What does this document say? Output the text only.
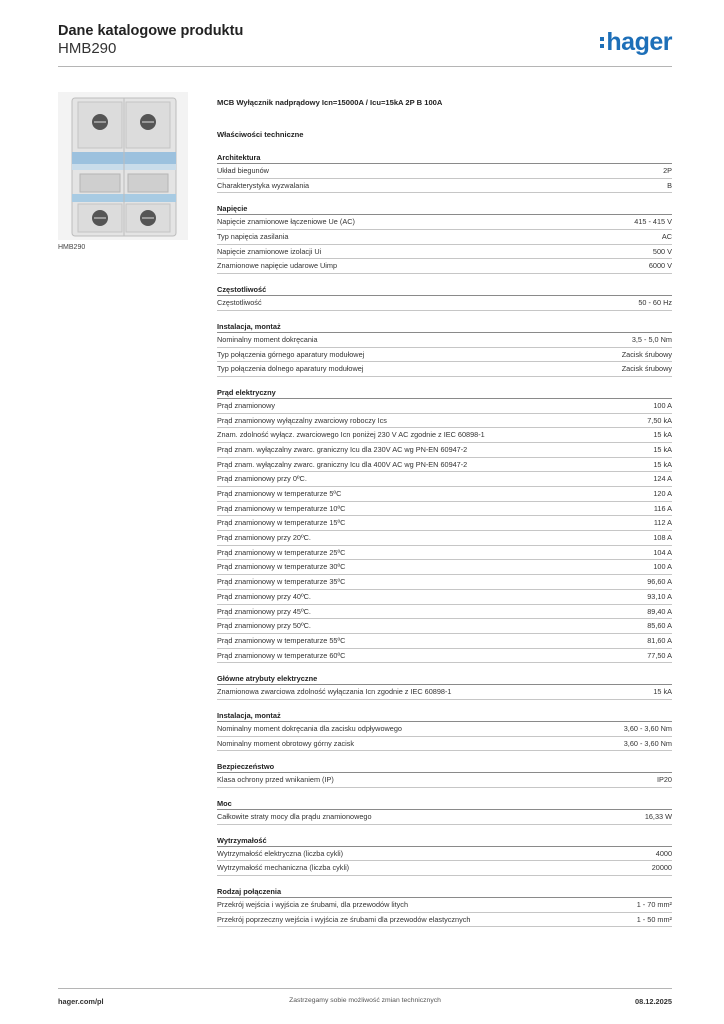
Dane katalogowe produktu
HMB290	hager
HMB290
MCB Wyłącznik nadprądowy Icn=15000A / Icu=15kA 2P B 100A
Właściwości techniczne
Architektura
Układ biegunów	2P
Charakterystyka wyzwalania	B
Napięcie
Napięcie znamionowe łączeniowe Ue (AC)	415 - 415 V
Typ napięcia zasilania	AC
Napięcie znamionowe izolacji Ui	500 V
Znamionowe napięcie udarowe Uimp	6000 V
Częstotliwość
Częstotliwość	50 - 60 Hz
Instalacja, montaż
Nominalny moment dokręcania	3,5 - 5,0 Nm
Typ połączenia górnego aparatury modułowej	Zacisk śrubowy
Typ połączenia dolnego aparatury modułowej	Zacisk śrubowy
Prąd elektryczny
Prąd znamionowy	100 A
Prąd znamionowy wyłączalny zwarciowy roboczy Ics	7,50 kA
Znam. zdolność wyłącz. zwarciowego Icn poniżej 230 V AC zgodnie z IEC 60898-1	15 kA
Prąd znam. wyłączalny zwarc. graniczny Icu dla 230V AC wg PN-EN 60947-2	15 kA
Prąd znam. wyłączalny zwarc. graniczny Icu dla 400V AC wg PN-EN 60947-2	15 kA
Prąd znamionowy przy 0ºC.	124 A
Prąd znamionowy w temperaturze 5ºC	120 A
Prąd znamionowy w temperaturze 10ºC	116 A
Prąd znamionowy w temperaturze 15ºC	112 A
Prąd znamionowy przy 20ºC.	108 A
Prąd znamionowy w temperaturze 25ºC	104 A
Prąd znamionowy w temperaturze 30ºC	100 A
Prąd znamionowy w temperaturze 35ºC	96,60 A
Prąd znamionowy przy 40ºC.	93,10 A
Prąd znamionowy przy 45ºC.	89,40 A
Prąd znamionowy przy 50ºC.	85,60 A
Prąd znamionowy w temperaturze 55ºC	81,60 A
Prąd znamionowy w temperaturze 60ºC	77,50 A
Główne atrybuty elektryczne
Znamionowa zwarciowa zdolność wyłączania Icn zgodnie z IEC 60898-1	15 kA
Instalacja, montaż
Nominalny moment dokręcania dla zacisku odpływowego	3,60 - 3,60 Nm
Nominalny moment obrotowy górny zacisk	3,60 - 3,60 Nm
Bezpieczeństwo
Klasa ochrony przed wnikaniem (IP)	IP20
Moc
Całkowite straty mocy dla prądu znamionowego	16,33 W
Wytrzymałość
Wytrzymałość elektryczna (liczba cykli)	4000
Wytrzymałość mechaniczna (liczba cykli)	20000
Rodzaj połączenia
Przekrój wejścia i wyjścia ze śrubami, dla przewodów litych	1 - 70 mm²
Przekrój poprzeczny wejścia i wyjścia ze śrubami dla przewodów elastycznych	1 - 50 mm²
hager.com/pl	Zastrzegamy sobie możliwość zmian technicznych	08.12.2025
